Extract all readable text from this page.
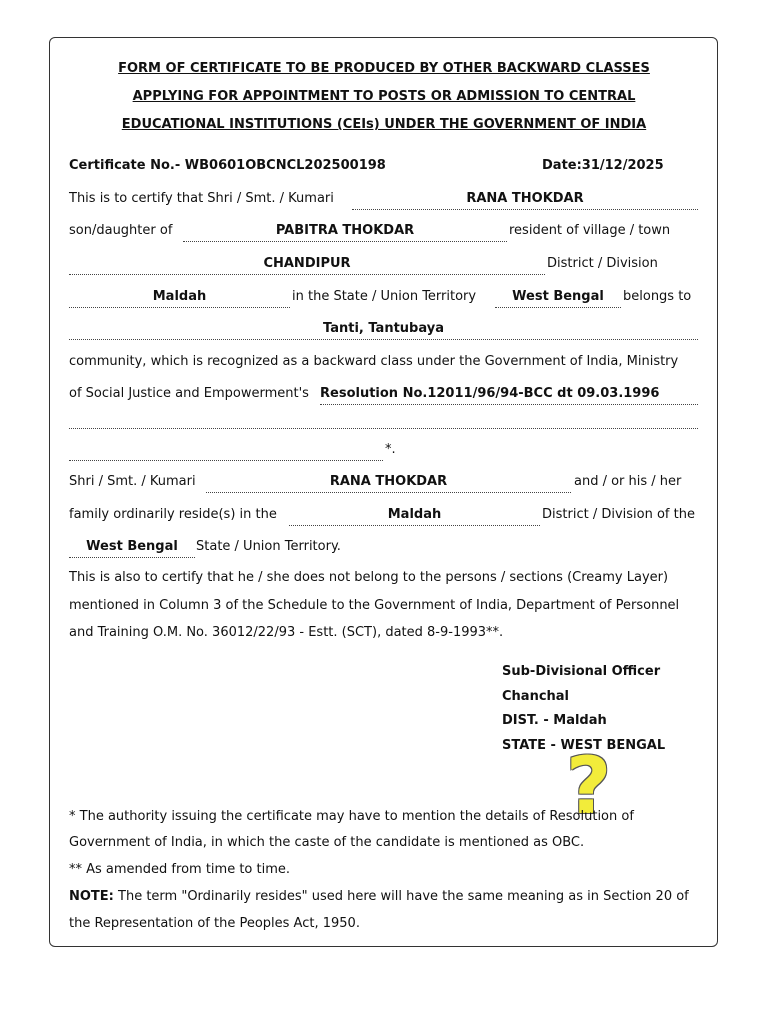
FORM OF CERTIFICATE TO BE PRODUCED BY OTHER BACKWARD CLASSES
APPLYING FOR APPOINTMENT TO POSTS OR ADMISSION TO CENTRAL
EDUCATIONAL INSTITUTIONS (CEIs) UNDER THE GOVERNMENT OF INDIA
Certificate No.- WB0601OBCNCL202500198	Date:31/12/2025
This is to certify that Shri / Smt. / Kumari	RANA THOKDAR
son/daughter of	PABITRA THOKDAR	resident of village / town
CHANDIPUR	District / Division
Maldah	in the State / Union Territory	West Bengal	belongs to
Tanti, Tantubaya
community, which is recognized as a backward class under the Government of India, Ministry
of Social Justice and Empowerment's Resolution No.12011/96/94-BCC dt 09.03.1996
*.
Shri / Smt. / Kumari	RANA THOKDAR	and / or his / her
family ordinarily reside(s) in the	Maldah	District / Division of the
West Bengal	State / Union Territory.
This is also to certify that he / she does not belong to the persons / sections (Creamy Layer)
mentioned in Column 3 of the Schedule to the Government of India, Department of Personnel
and Training O.M. No. 36012/22/93 - Estt. (SCT), dated 8-9-1993**.
Sub-Divisional Officer
Chanchal
DIST. - Maldah
STATE - WEST BENGAL
?
* The authority issuing the certificate may have to mention the details of Resolution of
Government of India, in which the caste of the candidate is mentioned as OBC.
** As amended from time to time.
NOTE: The term "Ordinarily resides" used here will have the same meaning as in Section 20 of
the Representation of the Peoples Act, 1950.
